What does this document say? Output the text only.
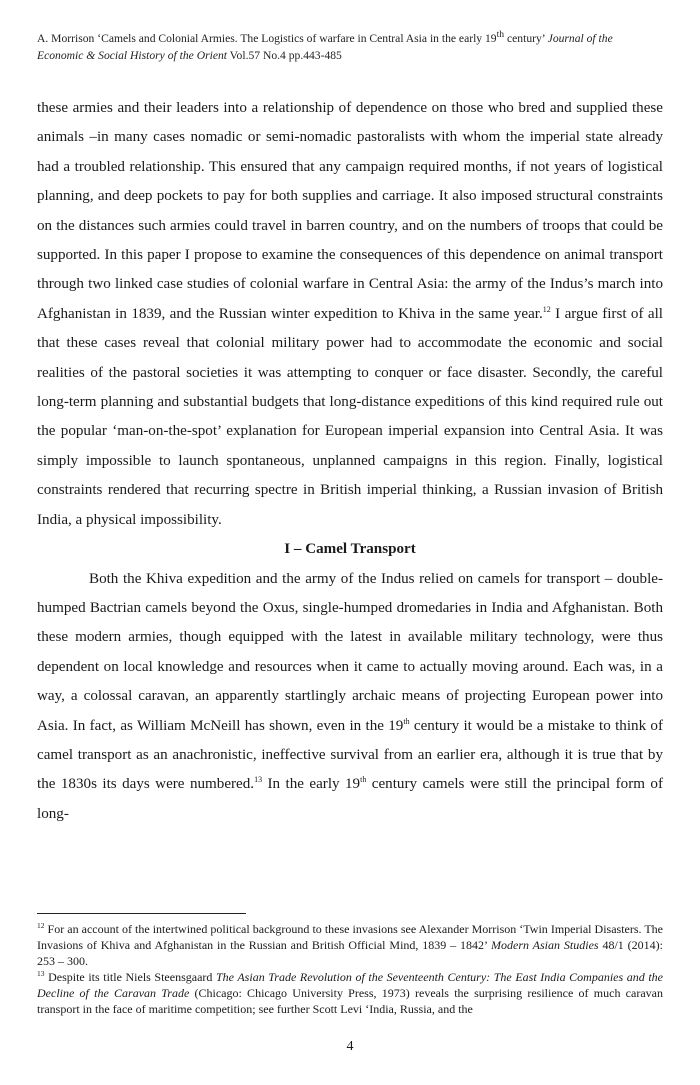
A. Morrison ‘Camels and Colonial Armies. The Logistics of warfare in Central Asia in the early 19th century’ Journal of the Economic & Social History of the Orient Vol.57 No.4 pp.443-485

these armies and their leaders into a relationship of dependence on those who bred and supplied these animals –in many cases nomadic or semi-nomadic pastoralists with whom the imperial state already had a troubled relationship. This ensured that any campaign required months, if not years of logistical planning, and deep pockets to pay for both supplies and carriage. It also imposed structural constraints on the distances such armies could travel in barren country, and on the numbers of troops that could be supported. In this paper I propose to examine the consequences of this dependence on animal transport through two linked case studies of colonial warfare in Central Asia: the army of the Indus’s march into Afghanistan in 1839, and the Russian winter expedition to Khiva in the same year.$^{12}$ I argue first of all that these cases reveal that colonial military power had to accommodate the economic and social realities of the pastoral societies it was attempting to conquer or face disaster. Secondly, the careful long-term planning and substantial budgets that long-distance expeditions of this kind required rule out the popular ‘man-on-the-spot’ explanation for European imperial expansion into Central Asia. It was simply impossible to launch spontaneous, unplanned campaigns in this region. Finally, logistical constraints rendered that recurring spectre in British imperial thinking, a Russian invasion of British India, a physical impossibility.

I – Camel Transport

Both the Khiva expedition and the army of the Indus relied on camels for transport – double-humped Bactrian camels beyond the Oxus, single-humped dromedaries in India and Afghanistan. Both these modern armies, though equipped with the latest in available military technology, were thus dependent on local knowledge and resources when it came to actually moving around. Each was, in a way, a colossal caravan, an apparently startlingly archaic means of projecting European power into Asia. In fact, as William McNeill has shown, even in the 19th century it would be a mistake to think of camel transport as an anachronistic, ineffective survival from an earlier era, although it is true that by the 1830s its days were numbered.$^{13}$ In the early 19th century camels were still the principal form of long-

$^{12}$ For an account of the intertwined political background to these invasions see Alexander Morrison ‘Twin Imperial Disasters. The Invasions of Khiva and Afghanistan in the Russian and British Official Mind, 1839 – 1842’ Modern Asian Studies 48/1 (2014): 253 – 300.

$^{13}$ Despite its title Niels Steensgaard The Asian Trade Revolution of the Seventeenth Century: The East India Companies and the Decline of the Caravan Trade (Chicago: Chicago University Press, 1973) reveals the surprising resilience of much caravan transport in the face of maritime competition; see further Scott Levi ‘India, Russia, and the

4
